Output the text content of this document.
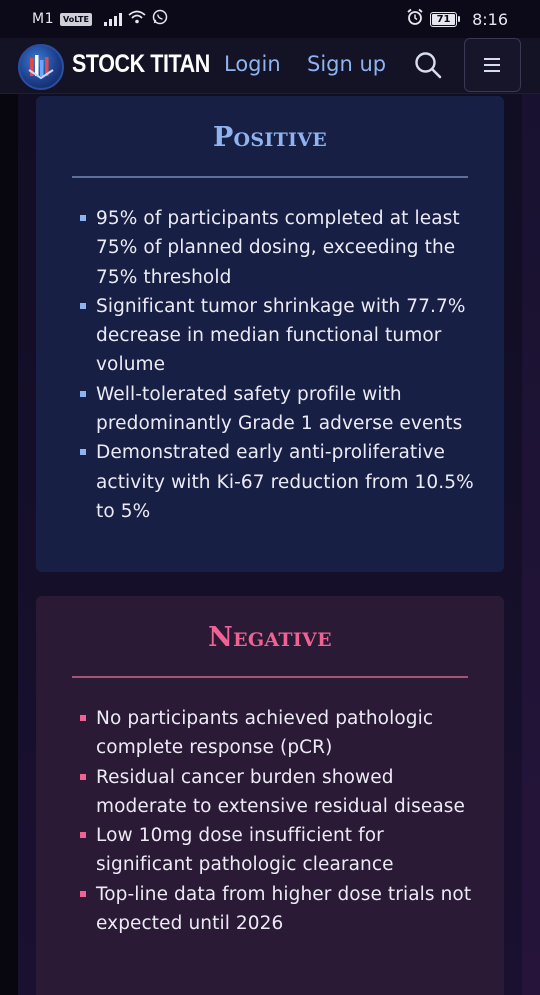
M1	VoLTE	71 8:16
STOCK TITAN Login Sign up
Positive
95% of participants completed at least 75% of planned dosing, exceeding the 75% threshold
Significant tumor shrinkage with 77.7% decrease in median functional tumor volume
Well-tolerated safety profile with predominantly Grade 1 adverse events
Demonstrated early anti-proliferative activity with Ki-67 reduction from 10.5% to 5%
Negative
No participants achieved pathologic complete response (pCR)
Residual cancer burden showed moderate to extensive residual disease
Low 10mg dose insufficient for significant pathologic clearance
Top-line data from higher dose trials not expected until 2026
